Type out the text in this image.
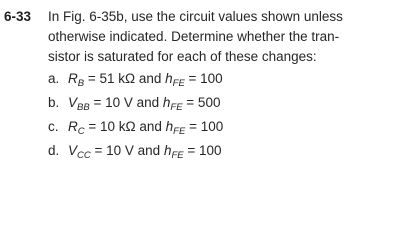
6-33 In Fig. 6-35b, use the circuit values shown unless
otherwise indicated. Determine whether the tran-
sistor is saturated for each of these changes:
a. $R_B = 51$ kΩ and $h_{FE} = 100$
b. $V_{BB} = 10$ V and $h_{FE} = 500$
c. $R_C = 10$ kΩ and $h_{FE} = 100$
d. $V_{CC} = 10$ V and $h_{FE} = 100$
